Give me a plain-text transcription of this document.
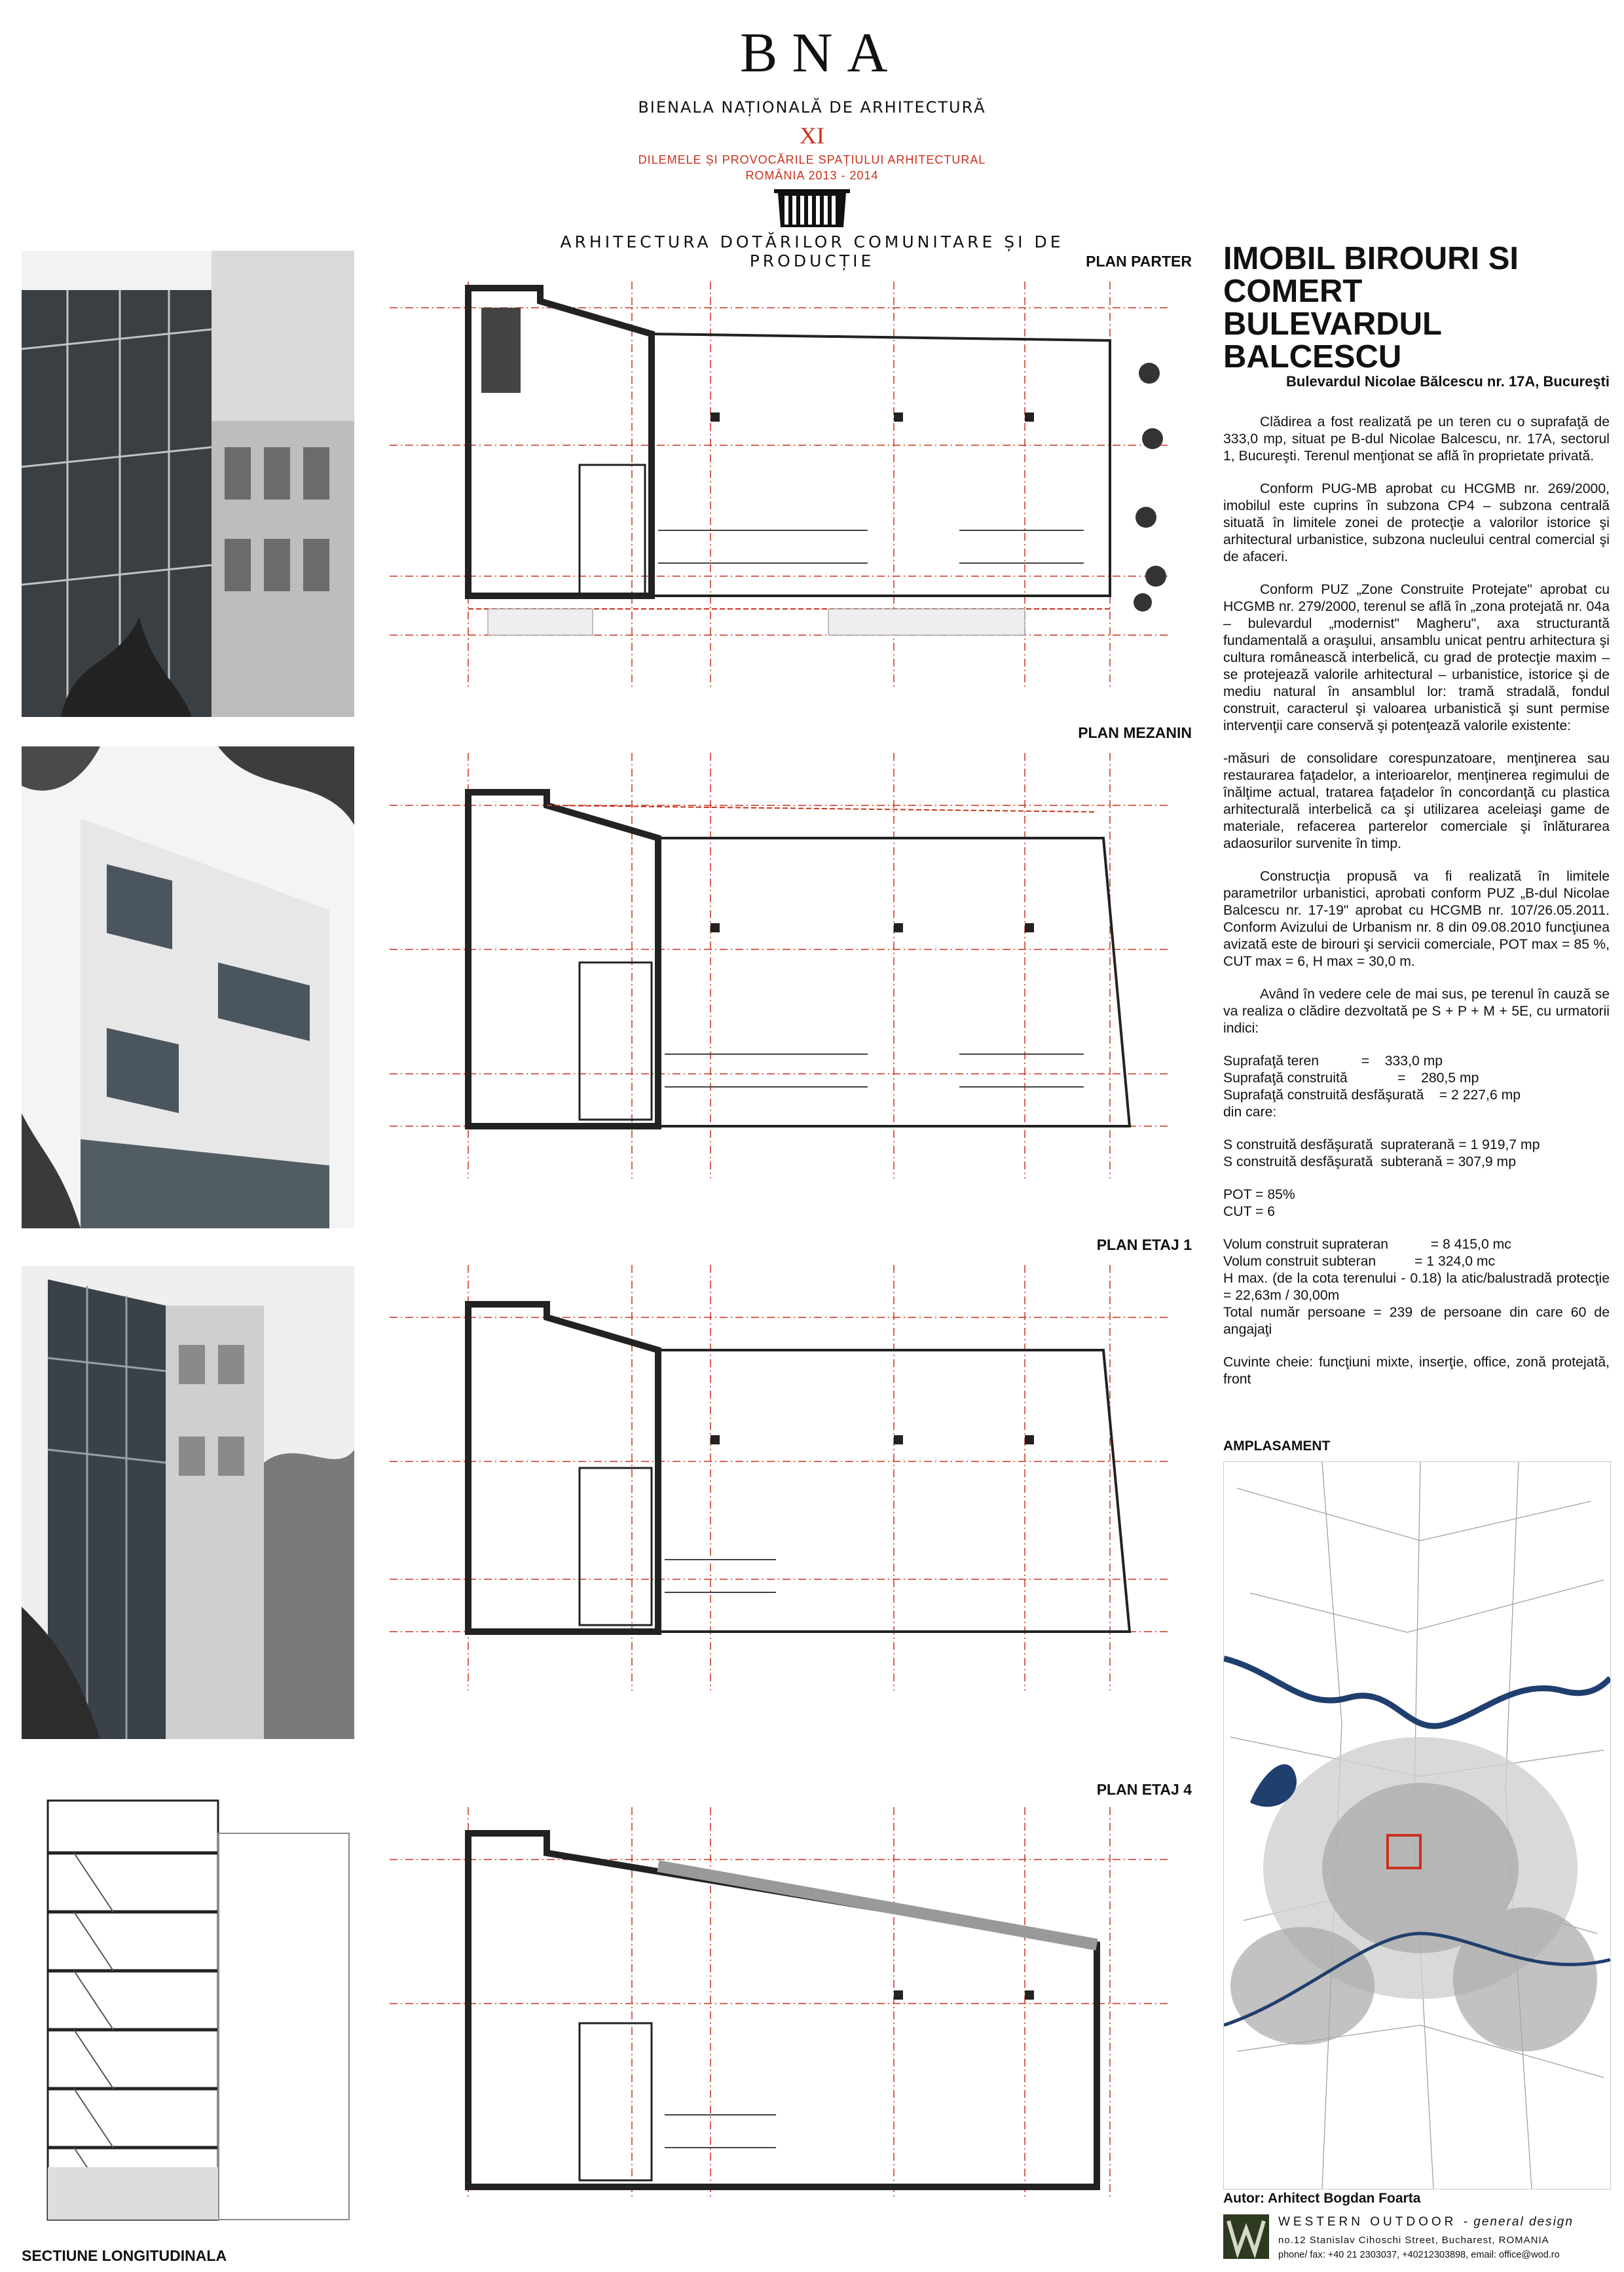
BNA
BIENALA NAȚIONALĂ DE ARHITECTURĂ
XI
DILEMELE ȘI PROVOCĂRILE SPAȚIULUI ARHITECTURAL
ROMÂNIA 2013 - 2014
ARHITECTURA DOTĂRILOR COMUNITARE ȘI DE PRODUCȚIE	PLAN PARTER
PLAN MEZANIN
PLAN ETAJ 1
PLAN ETAJ 4
SECTIUNE LONGITUDINALA
IMOBIL BIROURI SI COMERT
BULEVARDUL BALCESCU
Bulevardul Nicolae Bălcescu nr. 17A, Bucureşti

Clădirea a fost realizată pe un teren cu o suprafaţă de 333,0 mp, situat pe B-dul Nicolae Balcescu, nr. 17A, sectorul 1, Bucureşti. Terenul menţionat se află în proprietate privată.

Conform PUG-MB aprobat cu HCGMB nr. 269/2000, imobilul este cuprins în subzona CP4 – subzona centrală situată în limitele zonei de protecţie a valorilor istorice şi arhitectural urbanistice, subzona nucleului central comercial şi de afaceri.

Conform PUZ „Zone Construite Protejate" aprobat cu HCGMB nr. 279/2000, terenul se află în „zona protejată nr. 04a – bulevardul „modernist" Magheru", axa structurantă fundamentală a oraşului, ansamblu unicat pentru arhitectura şi cultura românească interbelică, cu grad de protecţie maxim – se protejează valorile arhitectural – urbanistice, istorice şi de mediu natural în ansamblul lor: tramă stradală, fondul construit, caracterul şi valoarea urbanistică şi sunt permise intervenţii care conservă şi potenţează valorile existente:

-măsuri de consolidare corespunzatoare, menţinerea sau restaurarea faţadelor, a interioarelor, menţinerea regimului de înălţime actual, tratarea faţadelor în concordanţă cu plastica arhitecturală interbelică ca şi utilizarea aceleiaşi game de materiale, refacerea parterelor comerciale şi înlăturarea adaosurilor survenite în timp.

Construcţia propusă va fi realizată în limitele parametrilor urbanistici, aprobati conform PUZ „B-dul Nicolae Balcescu nr. 17-19" aprobat cu HCGMB nr. 107/26.05.2011. Conform Avizului de Urbanism nr. 8 din 09.08.2010 funcţiunea avizată este de birouri şi servicii comerciale, POT max = 85 %, CUT max = 6, H max = 30,0 m.

Având în vedere cele de mai sus, pe terenul în cauză se va realiza o clădire dezvoltată pe S + P + M + 5E, cu urmatorii indici:

Suprafaţă teren           =    333,0 mp

Suprafaţă construită             =    280,5 mp

Suprafaţă construită desfăşurată    = 2 227,6 mp

din care:

S construită desfăşurată  supraterană = 1 919,7 mp

S construită desfăşurată  subterană = 307,9 mp

POT = 85%

CUT = 6

Volum construit suprateran           = 8 415,0 mc

Volum construit subteran          = 1 324,0 mc

H max. (de la cota terenului - 0.18) la atic/balustradă protecţie = 22,63m / 30,00m

Total număr persoane = 239 de persoane din care 60 de angajaţi

Cuvinte cheie: funcţiuni mixte, inserţie, office, zonă protejată, front

AMPLASAMENT
Autor: Arhitect Bogdan Foarta
WESTERN OUTDOOR - general design
no.12 Stanislav Cihoschi Street, Bucharest, ROMANIA
phone/ fax: +40 21 2303037, +40212303898, email: office@wod.ro
